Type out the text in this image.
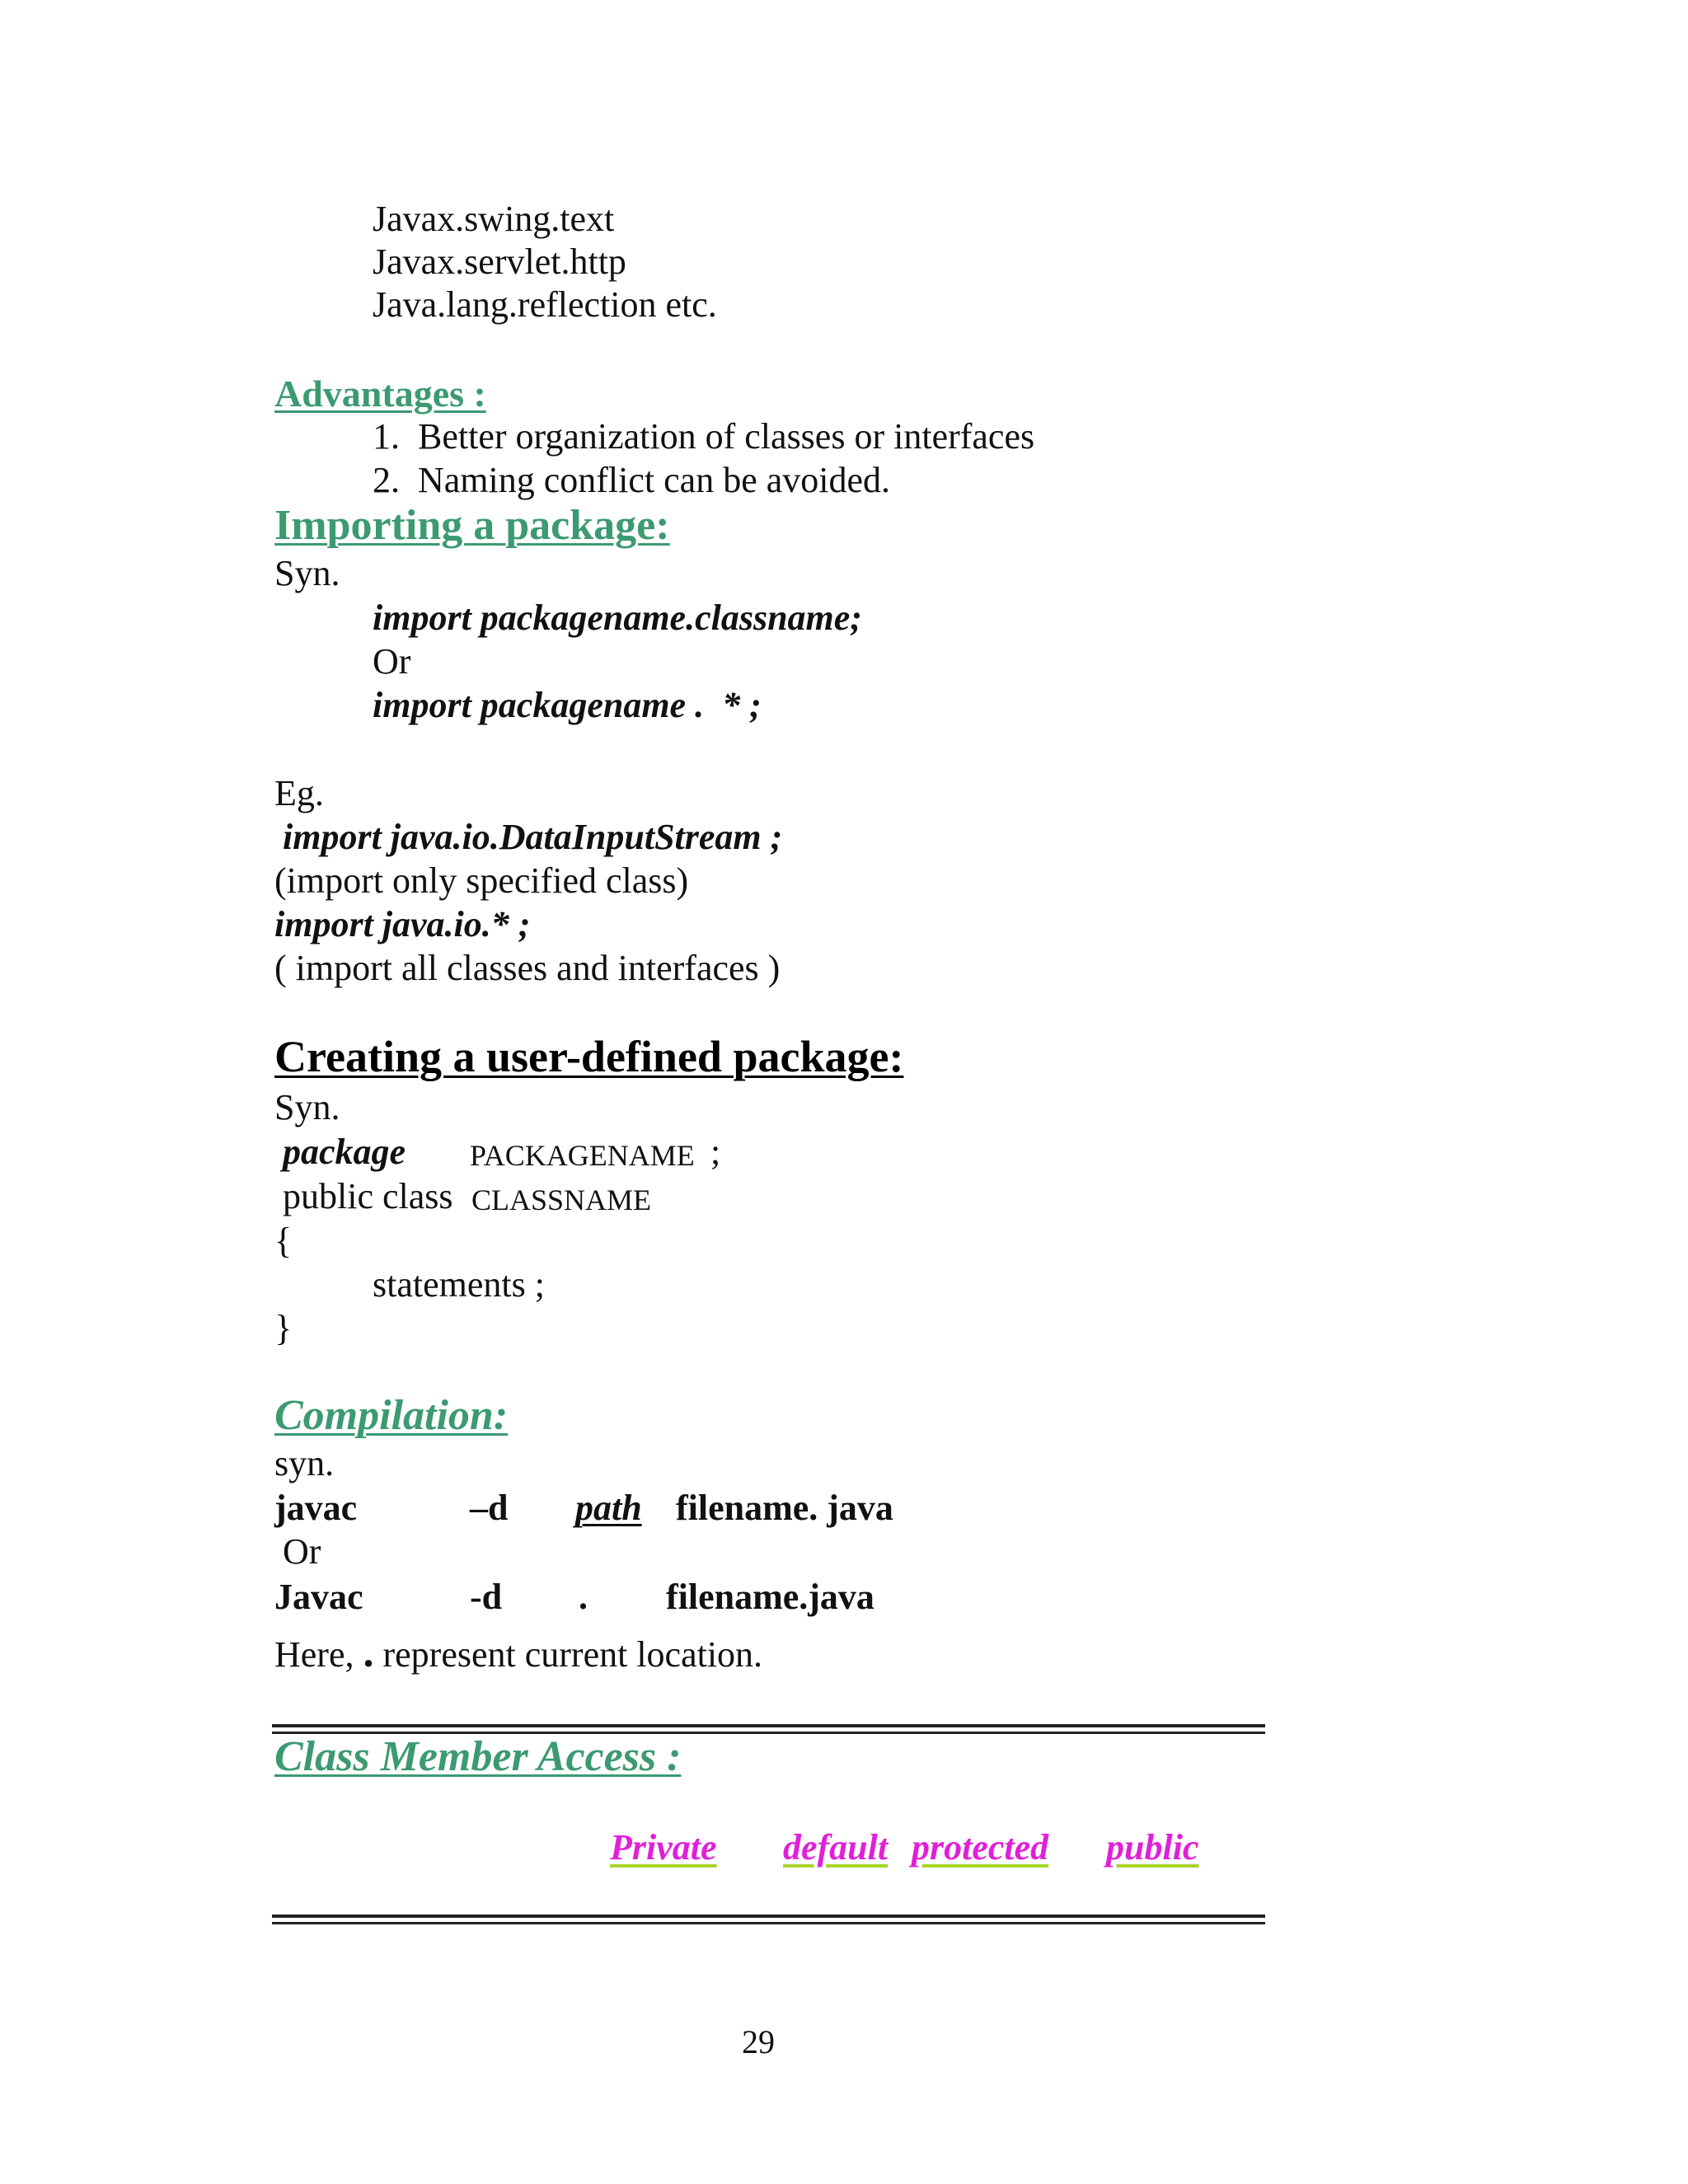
Javax.swing.text
Javax.servlet.http
Java.lang.reflection etc.
Advantages :
1.  Better organization of classes or interfaces
2.  Naming conflict can be avoided.
Importing a package:
Syn.
import packagename.classname;
Or
import packagename .  * ;
Eg.
import java.io.DataInputStream ;
(import only specified class)
import java.io.* ;
( import all classes and interfaces )
Creating a user-defined package:
Syn.
package PACKAGENAME ;
public class CLASSNAME
{
statements ;
}
Compilation:
syn.
javac	–d path filename. java
Or
Javac	-d . filename.java
Here, . represent current location.
Class Member Access :
Private default protected public
29
